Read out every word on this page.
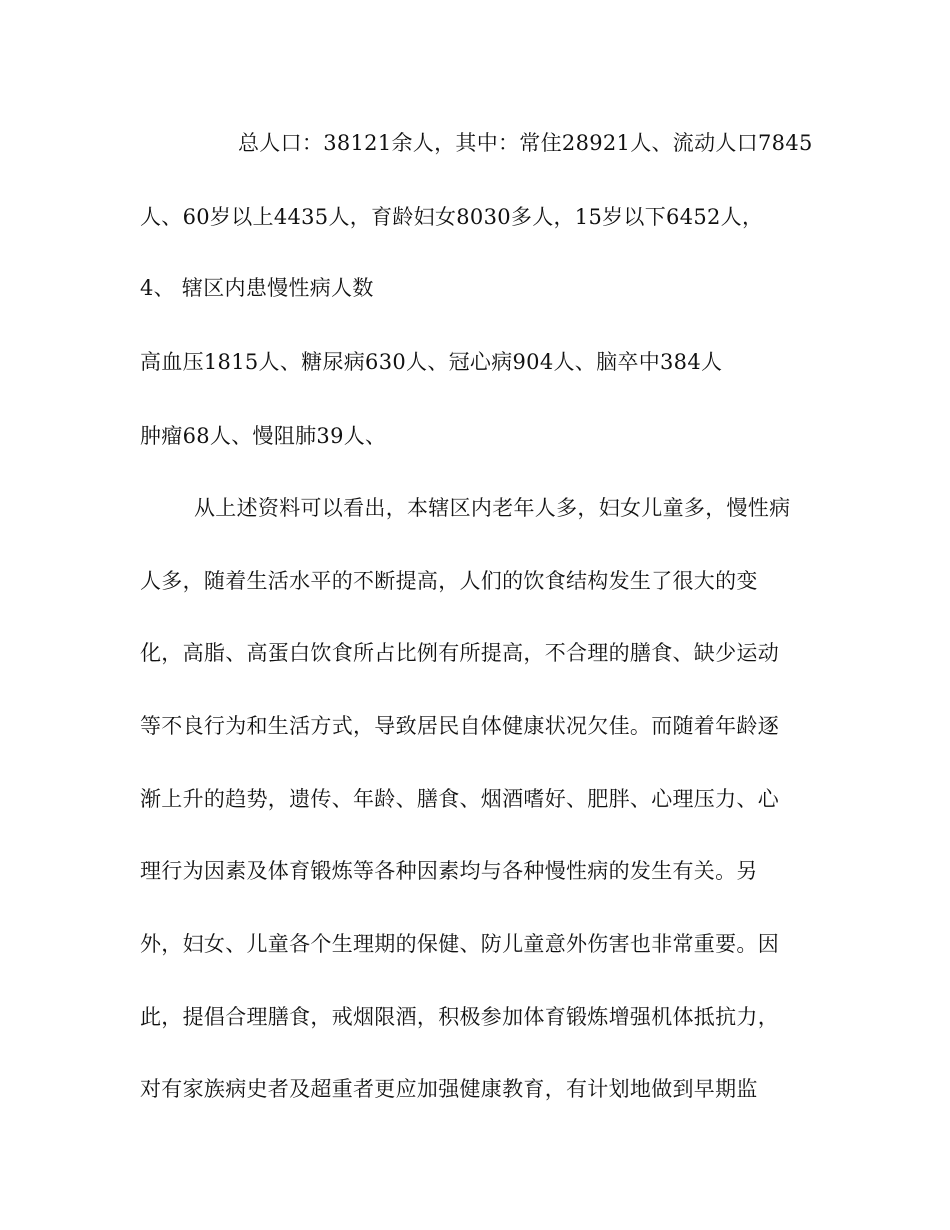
总人口：38121余人，其中：常住28921人、流动人口7845
人、60岁以上4435人，育龄妇女8030多人，15岁以下6452人，
4、 辖区内患慢性病人数
高血压1815人、糖尿病630人、冠心病904人、脑卒中384人
肿瘤68人、慢阻肺39人、
从上述资料可以看出，本辖区内老年人多，妇女儿童多，慢性病
人多，随着生活水平的不断提高，人们的饮食结构发生了很大的变
化，高脂、高蛋白饮食所占比例有所提高，不合理的膳食、缺少运动
等不良行为和生活方式，导致居民自体健康状况欠佳。而随着年龄逐
渐上升的趋势，遗传、年龄、膳食、烟酒嗜好、肥胖、心理压力、心
理行为因素及体育锻炼等各种因素均与各种慢性病的发生有关。另
外，妇女、儿童各个生理期的保健、防儿童意外伤害也非常重要。因
此，提倡合理膳食，戒烟限酒，积极参加体育锻炼增强机体抵抗力，
对有家族病史者及超重者更应加强健康教育，有计划地做到早期监
